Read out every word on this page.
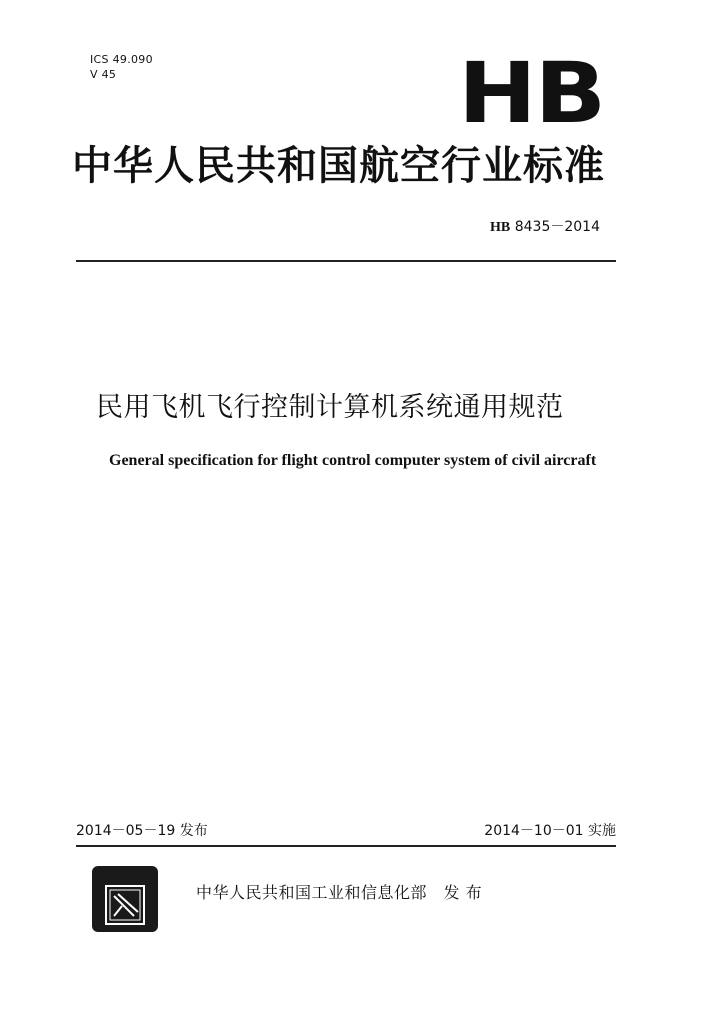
ICS 49.090
V 45	HB
中华人民共和国航空行业标准
HB 8435－2014
民用飞机飞行控制计算机系统通用规范
General specification for flight control computer system of civil aircraft
2014－05－19 发布	2014－10－01 实施
中华人民共和国工业和信息化部　发 布
